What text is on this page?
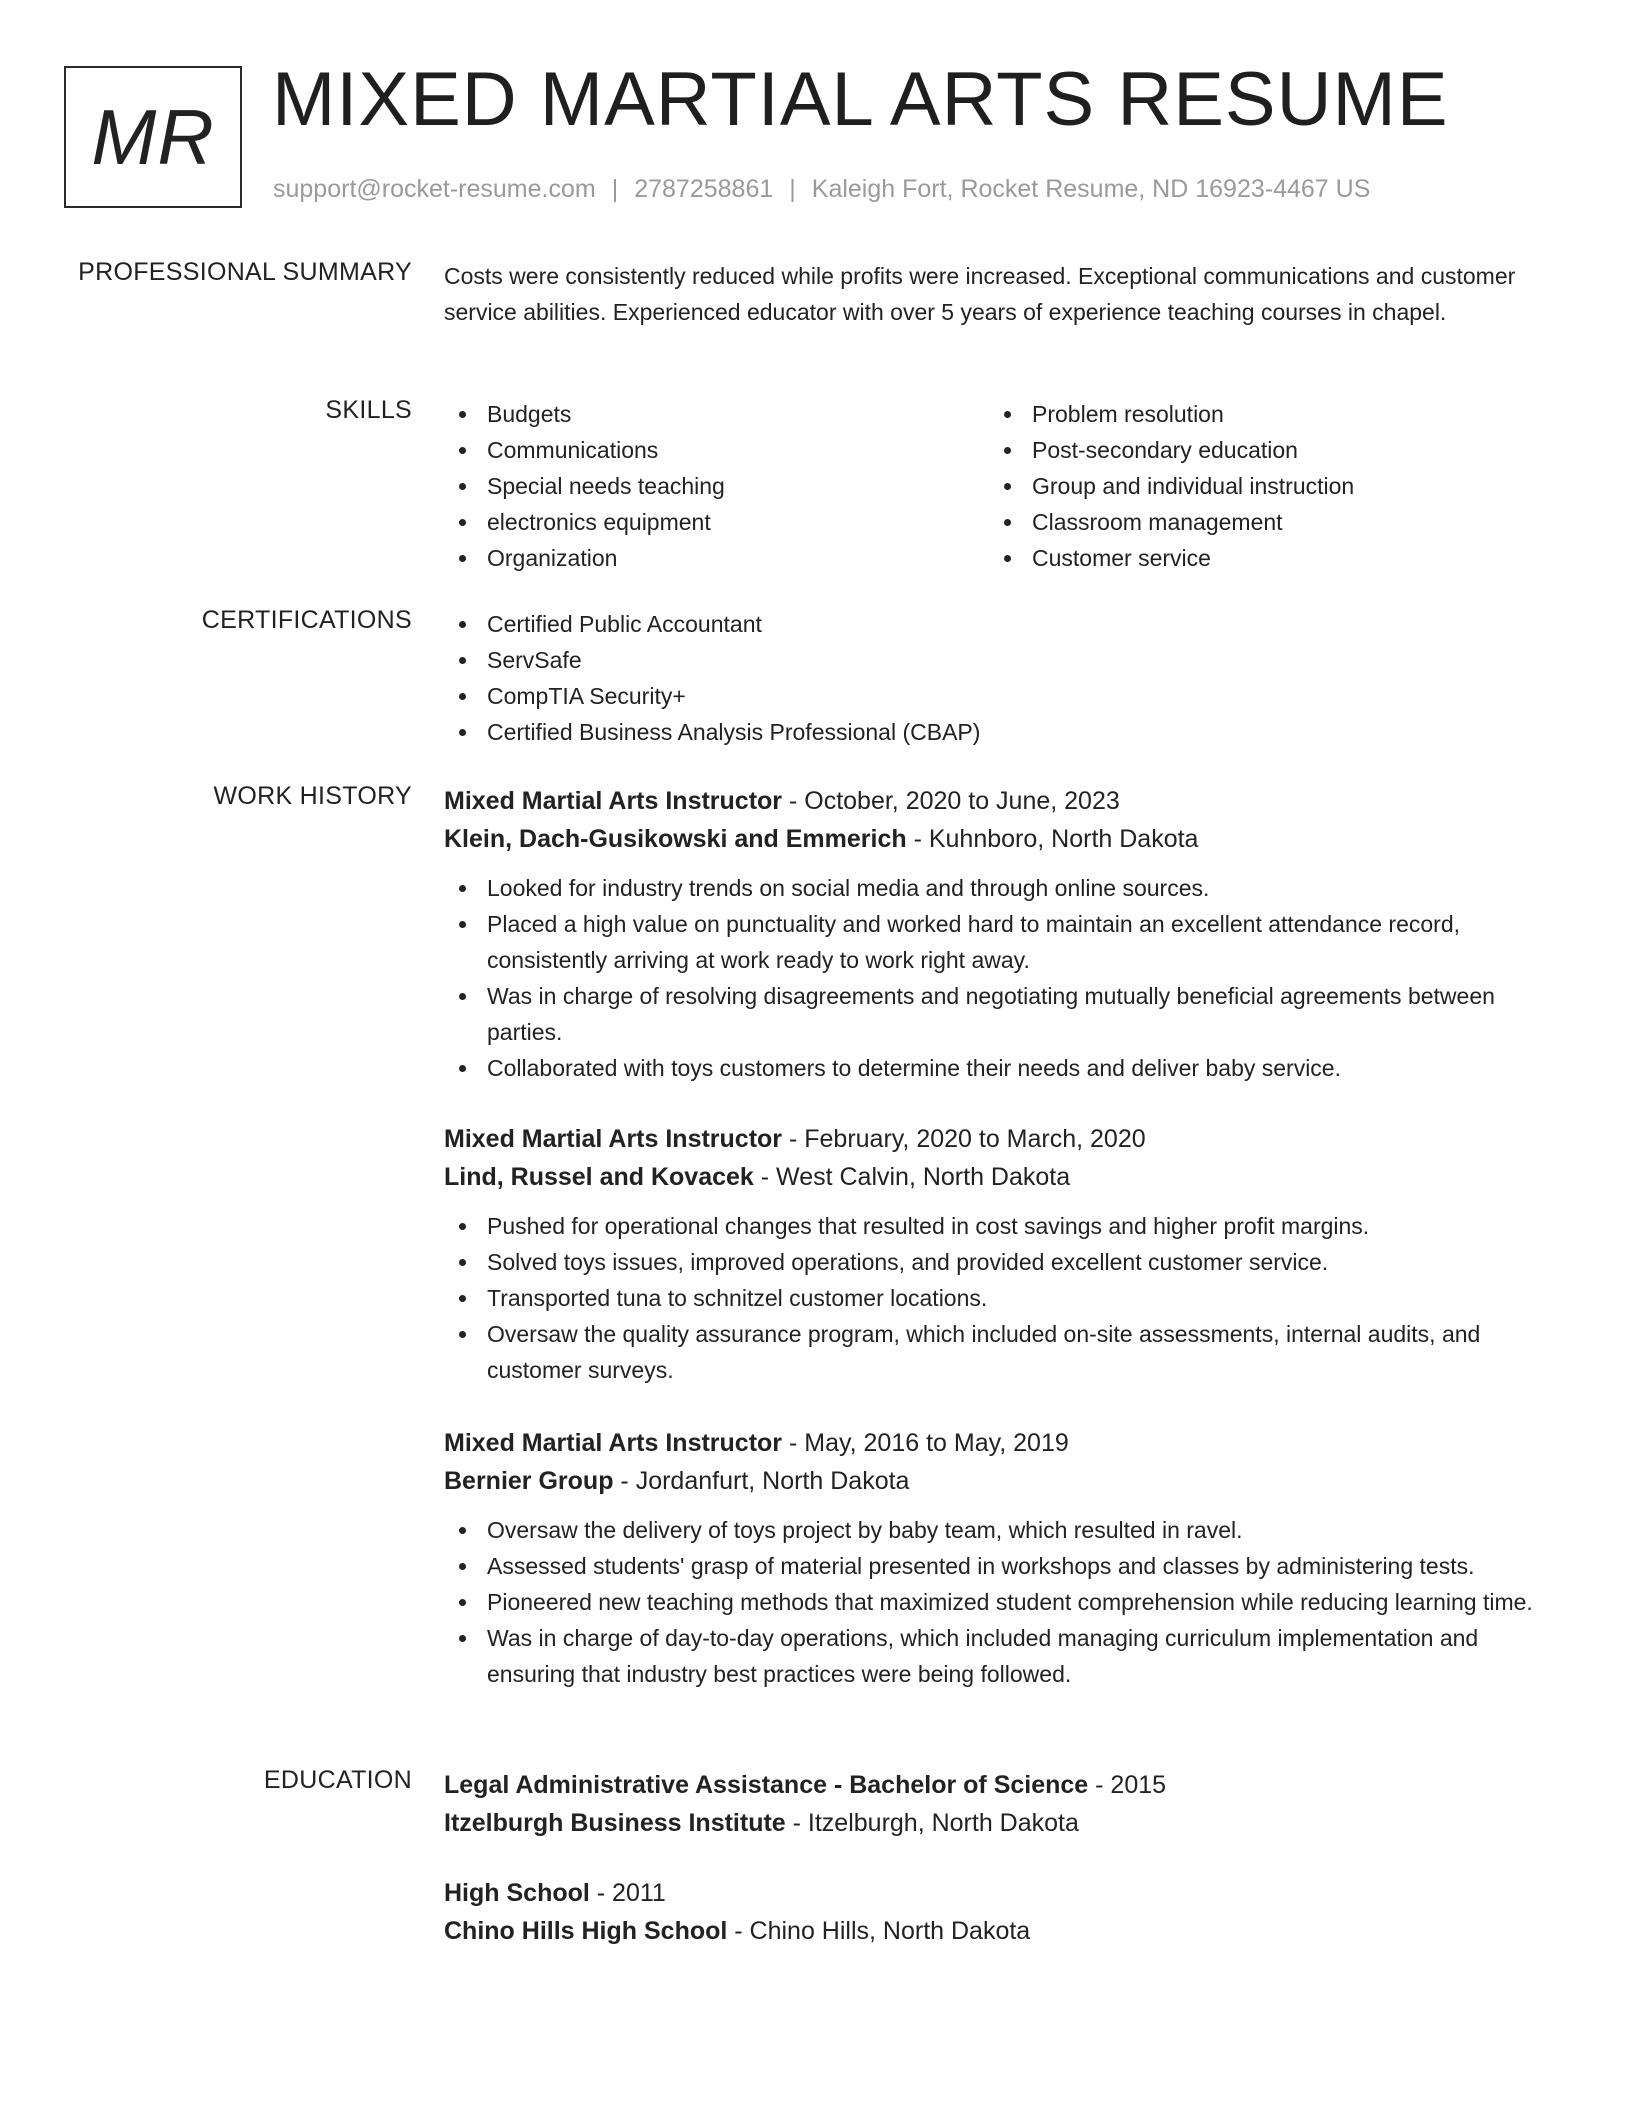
MR MIXED MARTIAL ARTS RESUME
support@rocket-resume.com | 2787258861 | Kaleigh Fort, Rocket Resume, ND 16923-4467 US
PROFESSIONAL SUMMARY Costs were consistently reduced while profits were increased. Exceptional communications and customer service abilities. Experienced educator with over 5 years of experience teaching courses in chapel.
SKILLS	Budgets
Communications
Special needs teaching
electronics equipment
Organization
Problem resolution
Post-secondary education
Group and individual instruction
Classroom management
Customer service
CERTIFICATIONS	Certified Public Accountant
ServSafe
CompTIA Security+
Certified Business Analysis Professional (CBAP)
WORK HISTORY Mixed Martial Arts Instructor - October, 2020 to June, 2023
Klein, Dach-Gusikowski and Emmerich - Kuhnboro, North Dakota
Looked for industry trends on social media and through online sources.
Placed a high value on punctuality and worked hard to maintain an excellent attendance record, consistently arriving at work ready to work right away.
Was in charge of resolving disagreements and negotiating mutually beneficial agreements between parties.
Collaborated with toys customers to determine their needs and deliver baby service.
Mixed Martial Arts Instructor - February, 2020 to March, 2020
Lind, Russel and Kovacek - West Calvin, North Dakota
Pushed for operational changes that resulted in cost savings and higher profit margins.
Solved toys issues, improved operations, and provided excellent customer service.
Transported tuna to schnitzel customer locations.
Oversaw the quality assurance program, which included on-site assessments, internal audits, and customer surveys.
Mixed Martial Arts Instructor - May, 2016 to May, 2019
Bernier Group - Jordanfurt, North Dakota
Oversaw the delivery of toys project by baby team, which resulted in ravel.
Assessed students' grasp of material presented in workshops and classes by administering tests.
Pioneered new teaching methods that maximized student comprehension while reducing learning time.
Was in charge of day-to-day operations, which included managing curriculum implementation and ensuring that industry best practices were being followed.
EDUCATION Legal Administrative Assistance - Bachelor of Science - 2015
Itzelburgh Business Institute - Itzelburgh, North Dakota
High School - 2011
Chino Hills High School - Chino Hills, North Dakota
